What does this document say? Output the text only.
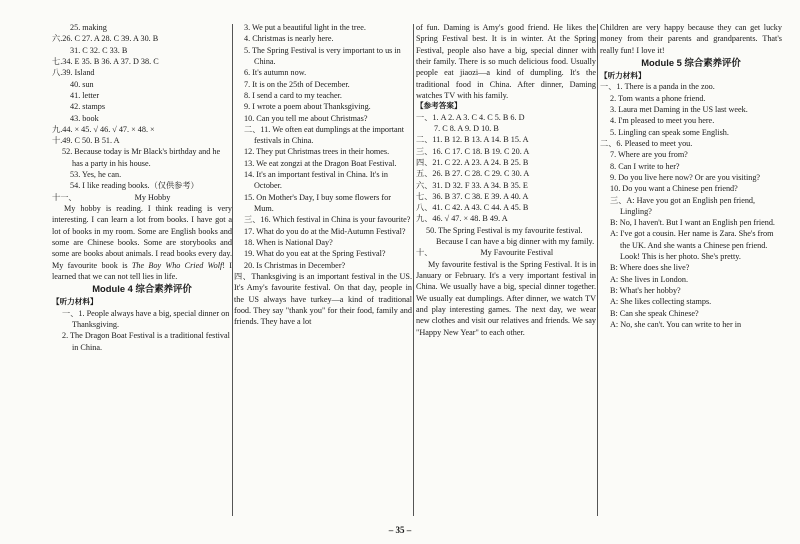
25. making

六.26. C 27. A 28. C 39. A 30. B

31. C 32. C 33. B

七.34. E 35. B 36. A 37. D 38. C

八.39. Island

40. sun

41. letter

42. stamps

43. book

九.44. × 45. √ 46. √ 47. × 48. ×

十.49. C 50. B 51. A

52. Because today is Mr Black's birthday and he has a party in his house.

53. Yes, he can.

54. I like reading books.（仅供参考）

十一、	My Hobby

My hobby is reading. I think reading is very interesting. I can learn a lot from books. I have got a lot of books in my room. Some are English books and some are Chinese books. Some are storybooks and some are books about animals. I read books every day. My favourite book is The Boy Who Cried Wolf! I learned that we can not tell lies in life.

Module 4 综合素养评价
【听力材料】

一、1. People always have a big, special dinner on Thanksgiving.

2. The Dragon Boat Festival is a traditional festival in China.

3. We put a beautiful light in the tree.

4. Christmas is nearly here.

5. The Spring Festival is very important to us in China.

6. It's autumn now.

7. It is on the 25th of December.

8. I send a card to my teacher.

9. I wrote a poem about Thanksgiving.

10. Can you tell me about Christmas?

二、11. We often eat dumplings at the important festivals in China.

12. They put Christmas trees in their homes.

13. We eat zongzi at the Dragon Boat Festival.

14. It's an important festival in China. It's in October.

15. On Mother's Day, I buy some flowers for Mum.

三、16. Which festival in China is your favourite?

17. What do you do at the Mid-Autumn Festival?

18. When is National Day?

19. What do you eat at the Spring Festival?

20. Is Christmas in December?

四、Thanksgiving is an important festival in the US. It's Amy's favourite festival. On that day, people in the US always have turkey—a kind of traditional food. They say "thank you" for their food, family and friends. They have a lot

of fun. Daming is Amy's good friend. He likes the Spring Festival best. It is in winter. At the Spring Festival, people also have a big, special dinner with their family. There is so much delicious food. Usually people eat jiaozi—a kind of dumpling. It's the traditional food in China. After dinner, Daming watches TV with his family.

【参考答案】

一、1. A 2. A 3. C 4. C 5. B 6. D

7. C 8. A 9. D 10. B

二、11. B 12. B 13. A 14. B 15. A

三、16. C 17. C 18. B 19. C 20. A

四、21. C 22. A 23. A 24. B 25. B

五、26. B 27. C 28. C 29. C 30. A

六、31. D 32. F 33. A 34. B 35. E

七、36. B 37. C 38. E 39. A 40. A

八、41. C 42. A 43. C 44. A 45. B

九、46. √ 47. × 48. B 49. A

50. The Spring Festival is my favourite festival. Because I can have a big dinner with my family.

十、	My Favourite Festival

My favourite festival is the Spring Festival. It is in January or February. It's a very important festival in China. We usually have a big, special dinner together. We usually eat dumplings. After dinner, we watch TV and play interesting games. The next day, we wear new clothes and visit our relatives and friends. We say "Happy New Year" to each other.

Children are very happy because they can get lucky money from their parents and grandparents. That's really fun! I love it!

Module 5 综合素养评价
【听力材料】

一、1. There is a panda in the zoo.

2. Tom wants a phone friend.

3. Laura met Daming in the US last week.

4. I'm pleased to meet you here.

5. Lingling can speak some English.

二、6. Pleased to meet you.

7. Where are you from?

8. Can I write to her?

9. Do you live here now? Or are you visiting?

10. Do you want a Chinese pen friend?

三、A: Have you got an English pen friend, Lingling?

B: No, I haven't. But I want an English pen friend.

A: I've got a cousin. Her name is Zara. She's from the UK. And she wants a Chinese pen friend. Look! This is her photo. She's pretty.

B: Where does she live?

A: She lives in London.

B: What's her hobby?

A: She likes collecting stamps.

B: Can she speak Chinese?

A: No, she can't. You can write to her in

– 35 –
